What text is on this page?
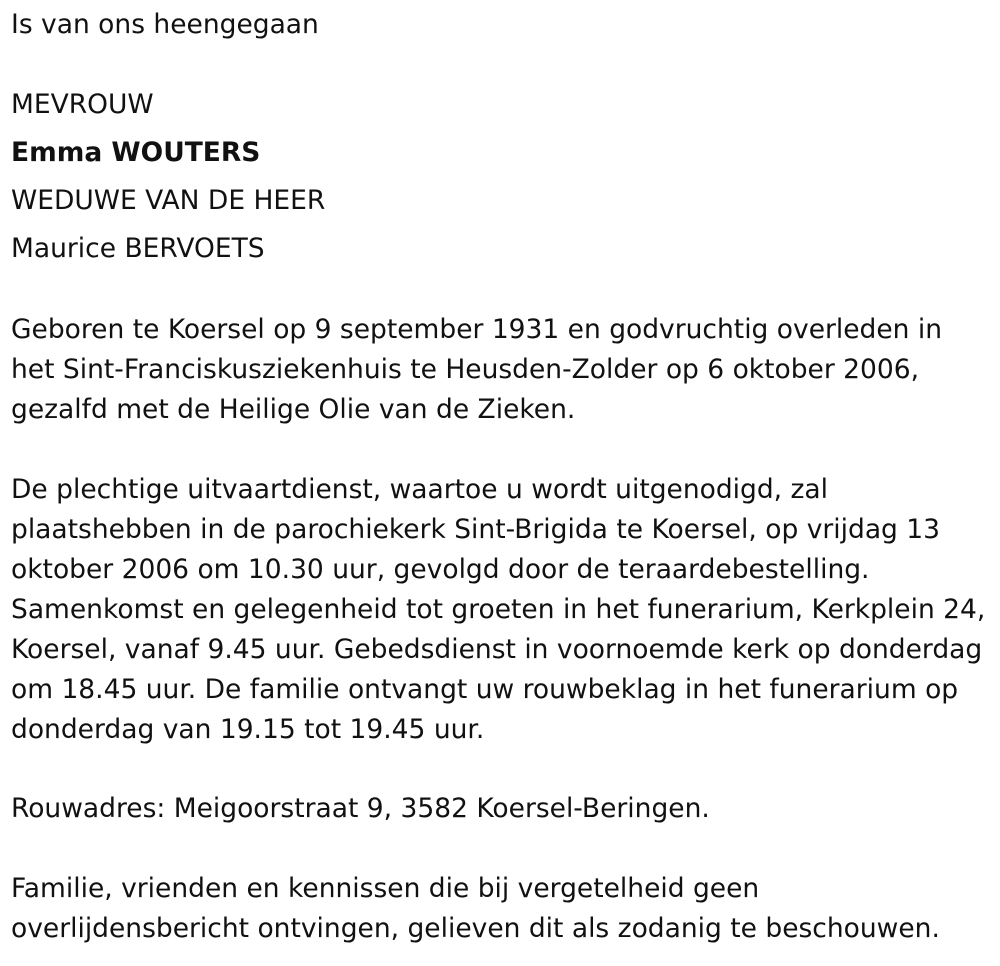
Is van ons heengegaan
MEVROUW
Emma WOUTERS
WEDUWE VAN DE HEER
Maurice BERVOETS
Geboren te Koersel op 9 september 1931 en godvruchtig overleden in
het Sint-Franciskusziekenhuis te Heusden-Zolder op 6 oktober 2006,
gezalfd met de Heilige Olie van de Zieken.
De plechtige uitvaartdienst, waartoe u wordt uitgenodigd, zal
plaatshebben in de parochiekerk Sint-Brigida te Koersel, op vrijdag 13
oktober 2006 om 10.30 uur, gevolgd door de teraardebestelling.
Samenkomst en gelegenheid tot groeten in het funerarium, Kerkplein 24,
Koersel, vanaf 9.45 uur. Gebedsdienst in voornoemde kerk op donderdag
om 18.45 uur. De familie ontvangt uw rouwbeklag in het funerarium op
donderdag van 19.15 tot 19.45 uur.
Rouwadres: Meigoorstraat 9, 3582 Koersel-Beringen.
Familie, vrienden en kennissen die bij vergetelheid geen
overlijdensbericht ontvingen, gelieven dit als zodanig te beschouwen.
